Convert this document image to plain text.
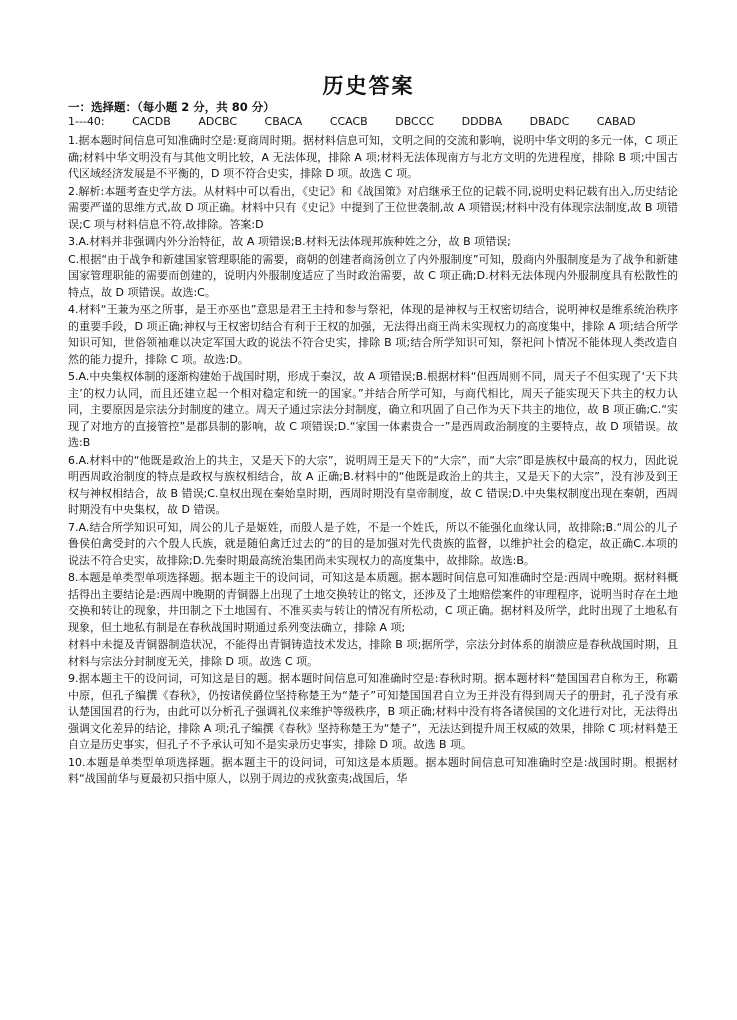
历史答案

一：选择题：（每小题 2 分，共 80 分）

1---40:	CACDB	ADCBC	CBACA	CCACB	DBCCC	DDDBA	DBADC	CABAD

1.据本题时间信息可知准确时空是:夏商周时期。据材料信息可知，文明之间的交流和影响，说明中华文明的多元一体，C 项正确;材料中华文明没有与其他文明比较，A 无法体现，排除 A 项;材料无法体现南方与北方文明的先进程度，排除 B 项;中国古代区域经济发展是不平衡的，D 项不符合史实，排除 D 项。故选 C 项。

2.解析:本题考查史学方法。从材料中可以看出，《史记》和《战国策》对启继承王位的记载不同,说明史料记载有出入,历史结论需要严谨的思维方式,故 D 项正确。材料中只有《史记》中提到了王位世袭制,故 A 项错误;材料中没有体现宗法制度,故 B 项错误;C 项与材料信息不符,故排除。答案:D

3.A.材料并非强调内外分治特征，故 A 项错误;B.材料无法体现邦族种姓之分，故 B 项错误;

C.根据“由于战争和新建国家管理职能的需要，商朝的创建者商汤创立了内外服制度”可知，殷商内外服制度是为了战争和新建国家管理职能的需要而创建的，说明内外服制度适应了当时政治需要，故 C 项正确;D.材料无法体现内外服制度具有松散性的特点，故 D 项错误。故选:C。

4.材料“王兼为巫之所事，是王亦巫也”意思是君王主持和参与祭祀，体现的是神权与王权密切结合，说明神权是维系统治秩序的重要手段，D 项正确;神权与王权密切结合有利于王权的加强，无法得出商王尚未实现权力的高度集中，排除 A 项;结合所学知识可知，世俗领袖难以决定军国大政的说法不符合史实，排除 B 项;结合所学知识可知，祭祀问卜情况不能体现人类改造自然的能力提升，排除 C 项。故选:D。

5.A.中央集权体制的逐渐构建始于战国时期，形成于秦汉，故 A 项错误;B.根据材料“但西周则不同，周天子不但实现了‘天下共主’的权力认同，而且还建立起一个相对稳定和统一的国家。”并结合所学可知，与商代相比，周天子能实现天下共主的权力认同，主要原因是宗法分封制度的建立。周天子通过宗法分封制度，确立和巩固了自己作为天下共主的地位，故 B 项正确;C.“实现了对地方的直接管控”是郡县制的影响，故 C 项错误;D.“家国一体素贵合一”是西周政治制度的主要特点，故 D 项错误。故选:B

6.A.材料中的“他既是政治上的共主，又是天下的大宗”，说明周王是天下的“大宗”，而“大宗”即是族权中最高的权力，因此说明西周政治制度的特点是政权与族权相结合，故 A 正确;B.材料中的“他既是政治上的共主，又是天下的大宗”，没有涉及到王权与神权相结合，故 B 错误;C.皇权出现在秦始皇时期，西周时期没有皇帝制度，故 C 错误;D.中央集权制度出现在秦朝，西周时期没有中央集权，故 D 错误。

7.A.结合所学知识可知，周公的儿子是姬姓，而殷人是子姓，不是一个姓氏，所以不能强化血缘认同，故排除;B.“周公的儿子鲁侯伯禽受封的六个殷人氏族，就是随伯禽迁过去的“的目的是加强对先代贵族的监督，以维护社会的稳定，故正确C.本项的说法不符合史实，故排除;D.先秦时期最高统治集团尚未实现权力的高度集中，故排除。故选:B。

8.本题是单类型单项选择题。据本题主干的设问词，可知这是本质题。据本题时间信息可知准确时空是:西周中晚期。据材料概括得出主要结论是:西周中晚期的青铜器上出现了土地交换转让的铭文，还涉及了土地赔偿案件的审理程序，说明当时存在土地交换和转让的现象，井田制之下土地国有、不准买卖与转让的情况有所松动，C 项正确。据材料及所学，此时出现了土地私有现象，但土地私有制是在春秋战国时期通过系列变法确立，排除 A 项;

材料中未提及青铜器制造状况，不能得出青铜铸造技术发达，排除 B 项;据所学，宗法分封体系的崩溃应是春秋战国时期，且材料与宗法分封制度无关，排除 D 项。故选 C 项。

9.据本题主干的设问词，可知这是目的题。据本题时间信息可知准确时空是:春秋时期。据本题材料“楚国国君自称为王，称霸中原，但孔子编撰《春秋》，仍按诸侯爵位坚持称楚王为“楚子”可知楚国国君自立为王并没有得到周天子的册封，孔子没有承认楚国国君的行为，由此可以分析孔子强调礼仪来维护等级秩序，B 项正确;材料中没有将各诸侯国的文化进行对比，无法得出强调文化差异的结论，排除 A 项;孔子编撰《春秋》坚持称楚王为“楚子”，无法达到提升周王权威的效果，排除 C 项;材料楚王自立是历史事实，但孔子不予承认可知不是实录历史事实，排除 D 项。故选 B 项。

10.本题是单类型单项选择题。据本题主干的设问词，可知这是本质题。据本题时间信息可知准确时空是:战国时期。根据材料“战国前华与夏最初只指中原人，以别于周边的戎狄蛮夷;战国后，华
